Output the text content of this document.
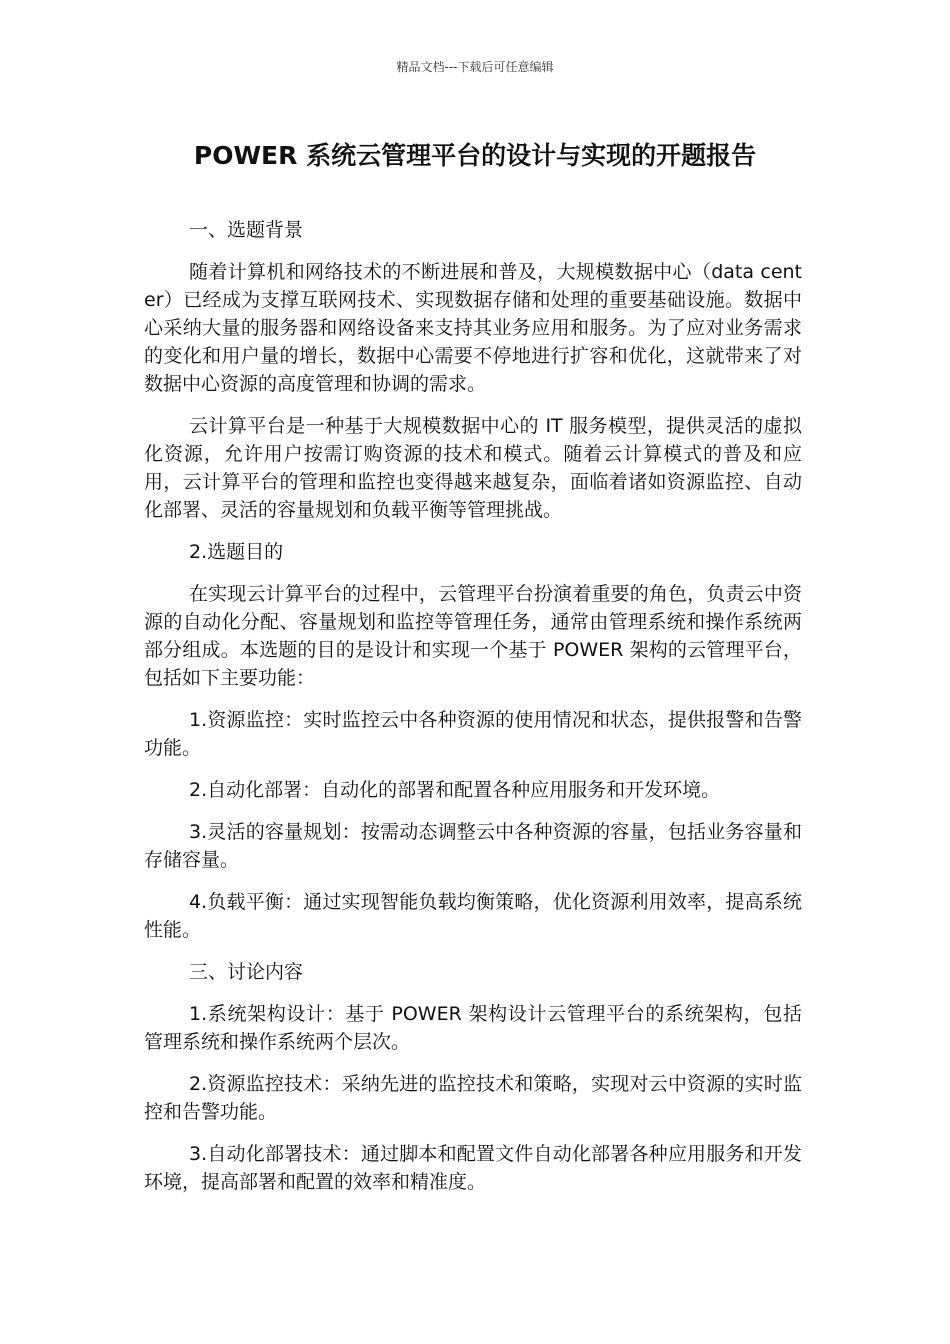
精品文档---下载后可任意编辑
POWER 系统云管理平台的设计与实现的开题报告

一、选题背景

随着计算机和网络技术的不断进展和普及，大规模数据中心（data center）已经成为支撑互联网技术、实现数据存储和处理的重要基础设施。数据中心采纳大量的服务器和网络设备来支持其业务应用和服务。为了应对业务需求的变化和用户量的增长，数据中心需要不停地进行扩容和优化，这就带来了对数据中心资源的高度管理和协调的需求。

云计算平台是一种基于大规模数据中心的 IT 服务模型，提供灵活的虚拟化资源，允许用户按需订购资源的技术和模式。随着云计算模式的普及和应用，云计算平台的管理和监控也变得越来越复杂，面临着诸如资源监控、自动化部署、灵活的容量规划和负载平衡等管理挑战。

2.选题目的

在实现云计算平台的过程中，云管理平台扮演着重要的角色，负责云中资源的自动化分配、容量规划和监控等管理任务，通常由管理系统和操作系统两部分组成。本选题的目的是设计和实现一个基于 POWER 架构的云管理平台，包括如下主要功能：

1.资源监控：实时监控云中各种资源的使用情况和状态，提供报警和告警功能。

2.自动化部署：自动化的部署和配置各种应用服务和开发环境。

3.灵活的容量规划：按需动态调整云中各种资源的容量，包括业务容量和存储容量。

4.负载平衡：通过实现智能负载均衡策略，优化资源利用效率，提高系统性能。

三、讨论内容

1.系统架构设计：基于 POWER 架构设计云管理平台的系统架构，包括管理系统和操作系统两个层次。

2.资源监控技术：采纳先进的监控技术和策略，实现对云中资源的实时监控和告警功能。

3.自动化部署技术：通过脚本和配置文件自动化部署各种应用服务和开发环境，提高部署和配置的效率和精准度。
